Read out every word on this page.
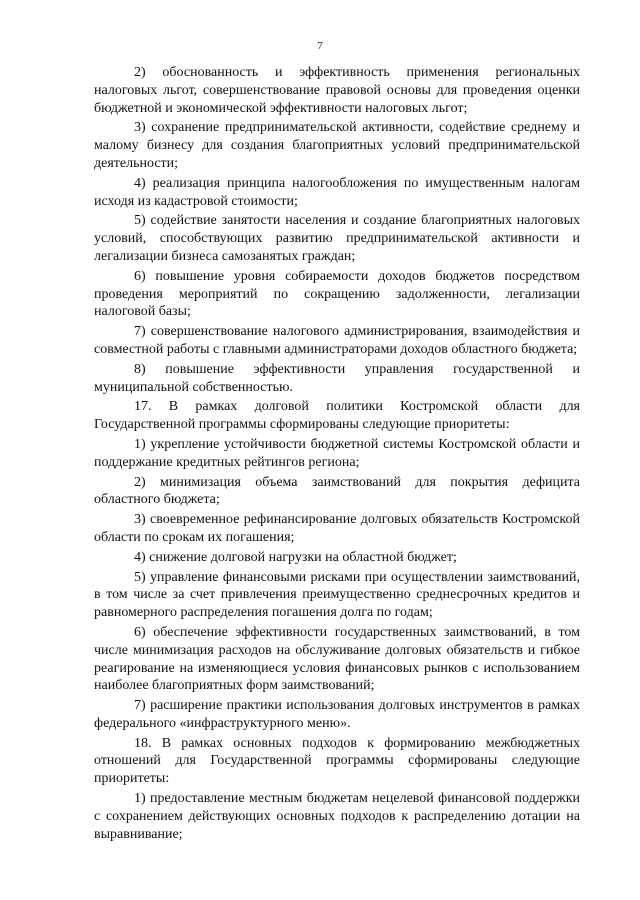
7

2) обоснованность и эффективность применения региональных налоговых льгот, совершенствование правовой основы для проведения оценки бюджетной и экономической эффективности налоговых льгот;

3) сохранение предпринимательской активности, содействие среднему и малому бизнесу для создания благоприятных условий предпринимательской деятельности;

4) реализация принципа налогообложения по имущественным налогам исходя из кадастровой стоимости;

5) содействие занятости населения и создание благоприятных налоговых условий, способствующих развитию предпринимательской активности и легализации бизнеса самозанятых граждан;

6) повышение уровня собираемости доходов бюджетов посредством проведения мероприятий по сокращению задолженности, легализации налоговой базы;

7) совершенствование налогового администрирования, взаимодействия и совместной работы с главными администраторами доходов областного бюджета;

8) повышение эффективности управления государственной и муниципальной собственностью.

17. В рамках долговой политики Костромской области для Государственной программы сформированы следующие приоритеты:

1) укрепление устойчивости бюджетной системы Костромской области и поддержание кредитных рейтингов региона;

2) минимизация объема заимствований для покрытия дефицита областного бюджета;

3) своевременное рефинансирование долговых обязательств Костромской области по срокам их погашения;

4) снижение долговой нагрузки на областной бюджет;

5) управление финансовыми рисками при осуществлении заимствований, в том числе за счет привлечения преимущественно среднесрочных кредитов и равномерного распределения погашения долга по годам;

6) обеспечение эффективности государственных заимствований, в том числе минимизация расходов на обслуживание долговых обязательств и гибкое реагирование на изменяющиеся условия финансовых рынков с использованием наиболее благоприятных форм заимствований;

7) расширение практики использования долговых инструментов в рамках федерального «инфраструктурного меню».

18. В рамках основных подходов к формированию межбюджетных отношений для Государственной программы сформированы следующие приоритеты:

1) предоставление местным бюджетам нецелевой финансовой поддержки с сохранением действующих основных подходов к распределению дотации на выравнивание;
